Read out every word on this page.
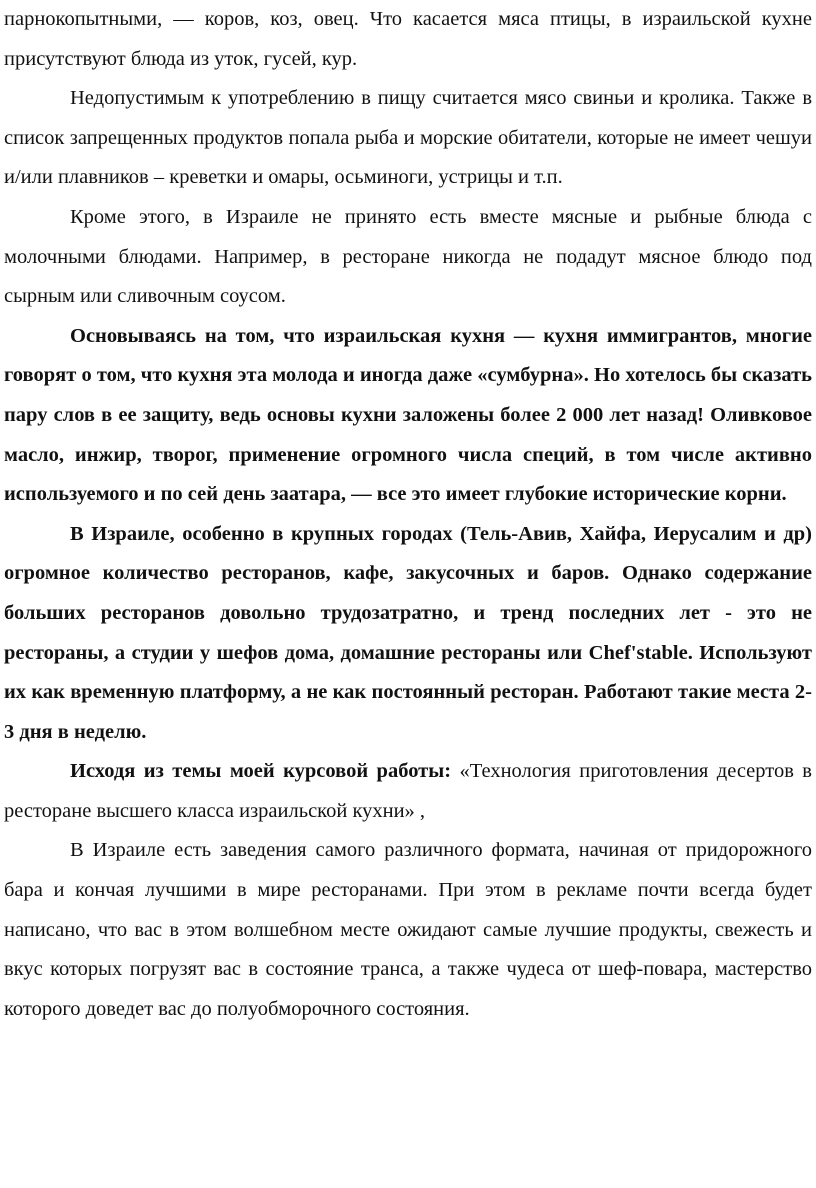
парнокопытными, — коров, коз, овец. Что касается мяса птицы, в израильской кухне присутствуют блюда из уток, гусей, кур.

Недопустимым к употреблению в пищу считается мясо свиньи и кролика. Также в список запрещенных продуктов попала рыба и морские обитатели, которые не имеет чешуи и/или плавников – креветки и омары, осьминоги, устрицы и т.п.

Кроме этого, в Израиле не принято есть вместе мясные и рыбные блюда с молочными блюдами. Например, в ресторане никогда не подадут мясное блюдо под сырным или сливочным соусом.

Основываясь на том, что израильская кухня — кухня иммигрантов, многие говорят о том, что кухня эта молода и иногда даже «сумбурна». Но хотелось бы сказать пару слов в ее защиту, ведь основы кухни заложены более 2 000 лет назад! Оливковое масло, инжир, творог, применение огромного числа специй, в том числе активно используемого и по сей день заатара, — все это имеет глубокие исторические корни.

В Израиле, особенно в крупных городах (Тель-Авив, Хайфа, Иерусалим и др) огромное количество ресторанов, кафе, закусочных и баров. Однако содержание больших ресторанов довольно трудозатратно, и тренд последних лет - это не рестораны, а студии у шефов дома, домашние рестораны или Chef'stable. Используют их как временную платформу, а не как постоянный ресторан. Работают такие места 2-3 дня в неделю.

Исходя из темы моей курсовой работы: «Технология приготовления десертов в ресторане высшего класса израильской кухни» ,

В Израиле есть заведения самого различного формата, начиная от придорожного бара и кончая лучшими в мире ресторанами. При этом в рекламе почти всегда будет написано, что вас в этом волшебном месте ожидают самые лучшие продукты, свежесть и вкус которых погрузят вас в состояние транса, а также чудеса от шеф-повара, мастерство которого доведет вас до полуобморочного состояния.
